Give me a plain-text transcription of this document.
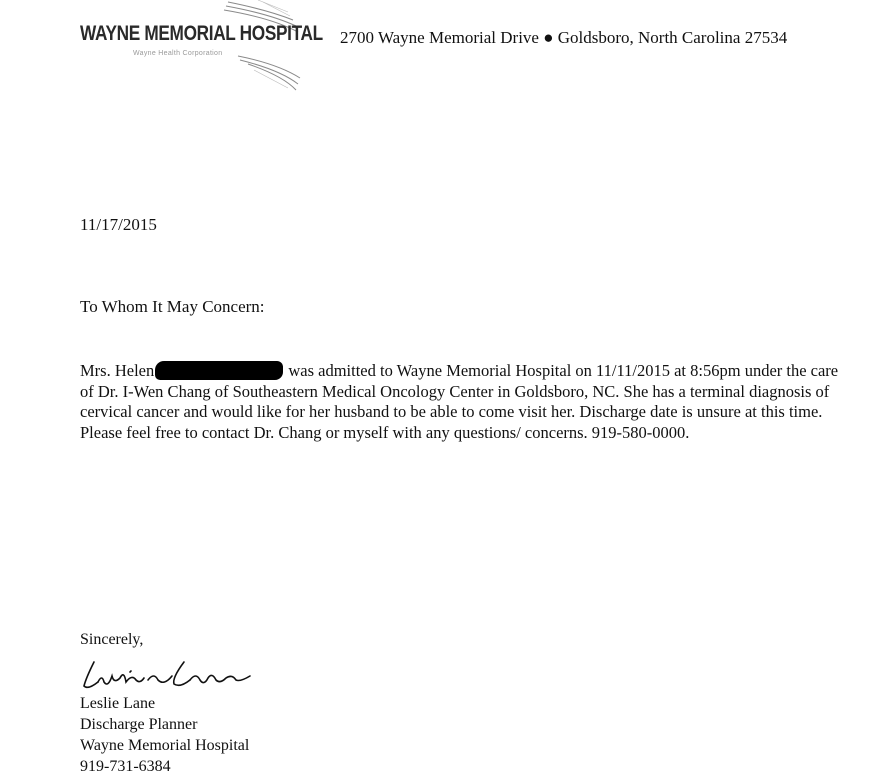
WAYNE MEMORIAL HOSPITAL
Wayne Health Corporation
2700 Wayne Memorial Drive ● Goldsboro, North Carolina 27534
11/17/2015
To Whom It May Concern:
Mrs. Helen	was admitted to Wayne Memorial Hospital on 11/11/2015 at 8:56pm under the care of Dr. I-Wen Chang of Southeastern Medical Oncology Center in Goldsboro, NC. She has a terminal diagnosis of cervical cancer and would like for her husband to be able to come visit her. Discharge date is unsure at this time. Please feel free to contact Dr. Chang or myself with any questions/ concerns. 919-580-0000.
Sincerely,
Leslie Lane
Discharge Planner
Wayne Memorial Hospital
919-731-6384
